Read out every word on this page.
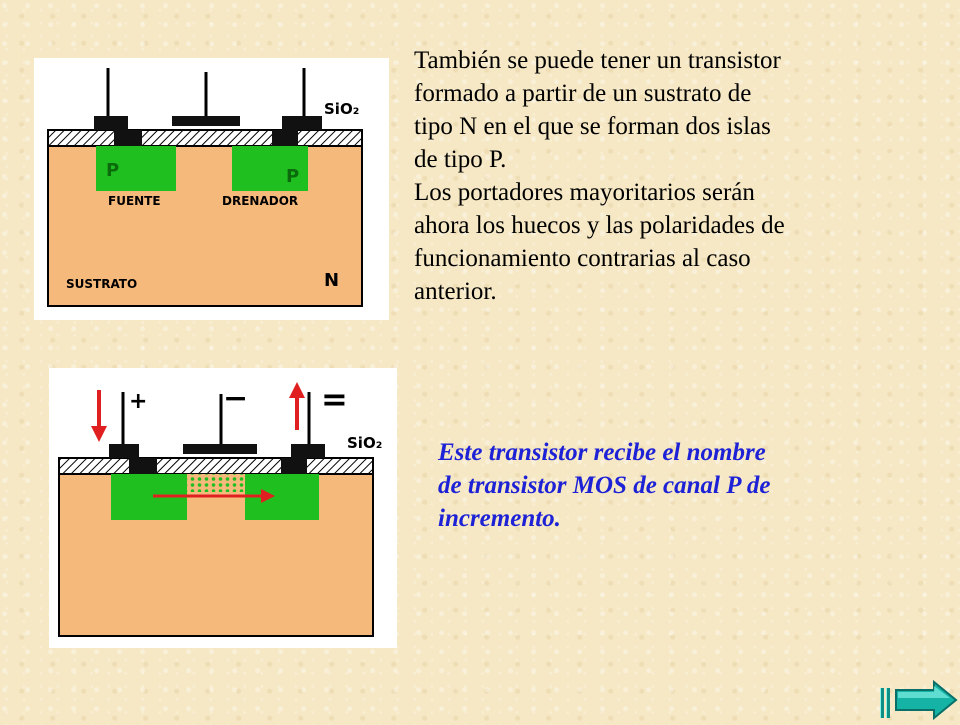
SiO₂
P	P
FUENTE	DRENADOR
SUSTRATO	N

También se puede tener un transistor
formado a partir de un sustrato de
tipo N en el que se forman dos islas
de tipo P.
Los portadores mayoritarios serán
ahora los huecos y las polaridades de
funcionamiento contrarias al caso
anterior.

+	− =
SiO₂ Este transistor recibe el nombre
de transistor MOS de canal P de
incremento.
